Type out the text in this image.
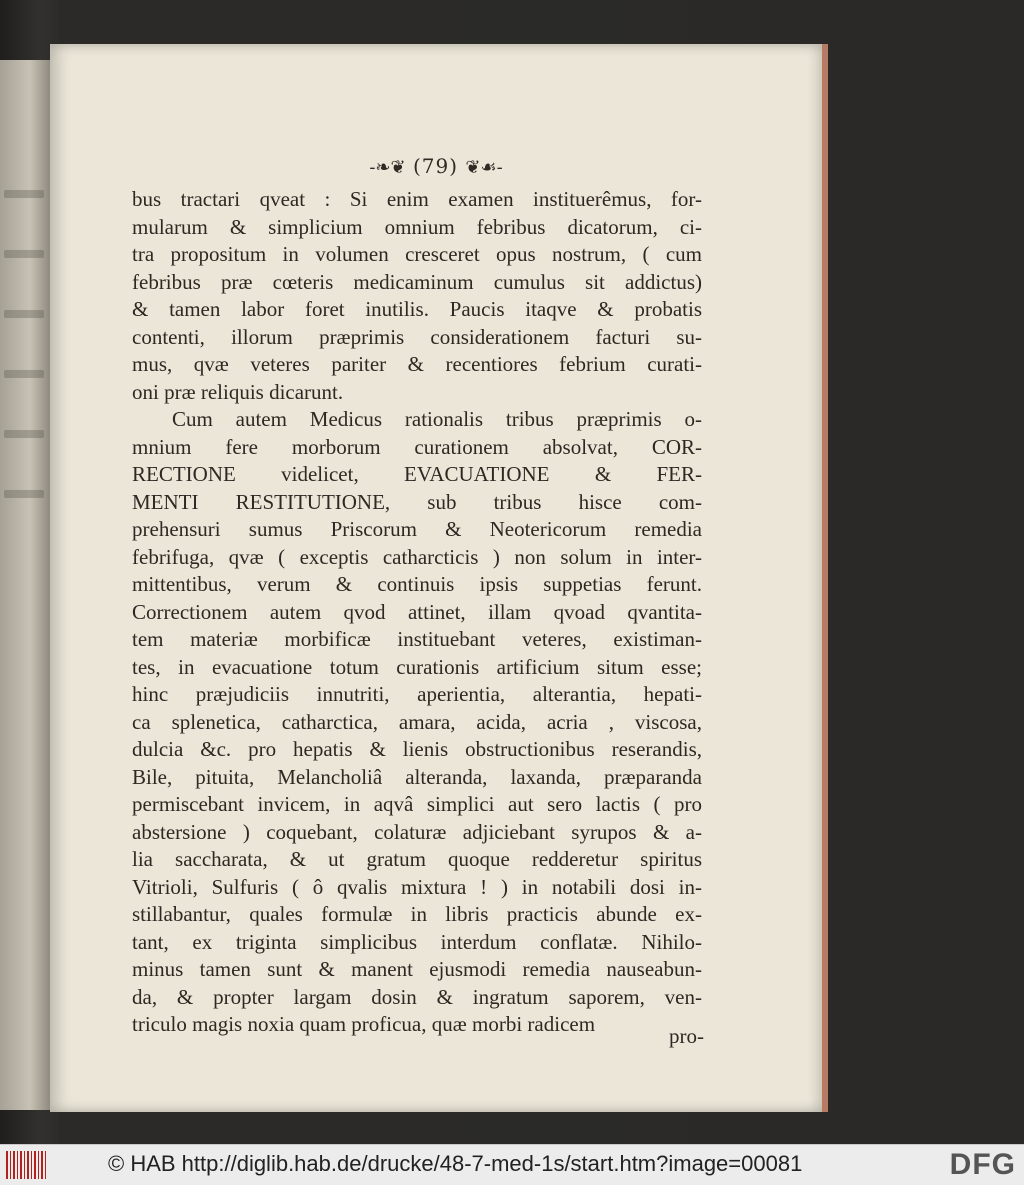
-❧❦ (79) ❦☙-
bus tractari qveat : Si enim examen instituerêmus, for-
mularum & simplicium omnium febribus dicatorum, ci-
tra propositum in volumen cresceret opus nostrum, ( cum
febribus præ cœteris medicaminum cumulus sit addictus)
& tamen labor foret inutilis. Paucis itaqve & probatis
contenti, illorum præprimis considerationem facturi su-
mus, qvæ veteres pariter & recentiores febrium curati-
oni præ reliquis dicarunt.
Cum autem Medicus rationalis tribus præprimis o-
mnium fere morborum curationem absolvat, COR-
RECTIONE videlicet, EVACUATIONE & FER-
MENTI RESTITUTIONE, sub tribus hisce com-
prehensuri sumus Priscorum & Neotericorum remedia
febrifuga, qvæ ( exceptis catharcticis ) non solum in inter-
mittentibus, verum & continuis ipsis suppetias ferunt.
Correctionem autem qvod attinet, illam qvoad qvantita-
tem materiæ morbificæ instituebant veteres, existiman-
tes, in evacuatione totum curationis artificium situm esse;
hinc præjudiciis innutriti, aperientia, alterantia, hepati-
ca splenetica, catharctica, amara, acida, acria , viscosa,
dulcia &c. pro hepatis & lienis obstructionibus reserandis,
Bile, pituita, Melancholiâ alteranda, laxanda, præparanda
permiscebant invicem, in aqvâ simplici aut sero lactis ( pro
abstersione ) coquebant, colaturæ adjiciebant syrupos & a-
lia saccharata, & ut gratum quoque redderetur spiritus
Vitrioli, Sulfuris ( ô qvalis mixtura ! ) in notabili dosi in-
stillabantur, quales formulæ in libris practicis abunde ex-
tant, ex triginta simplicibus interdum conflatæ. Nihilo-
minus tamen sunt & manent ejusmodi remedia nauseabun-
da, & propter largam dosin & ingratum saporem, ven-
triculo magis noxia quam proficua, quæ morbi radicem	pro-
© HAB http://diglib.hab.de/drucke/48-7-med-1s/start.htm?image=00081	DFG
